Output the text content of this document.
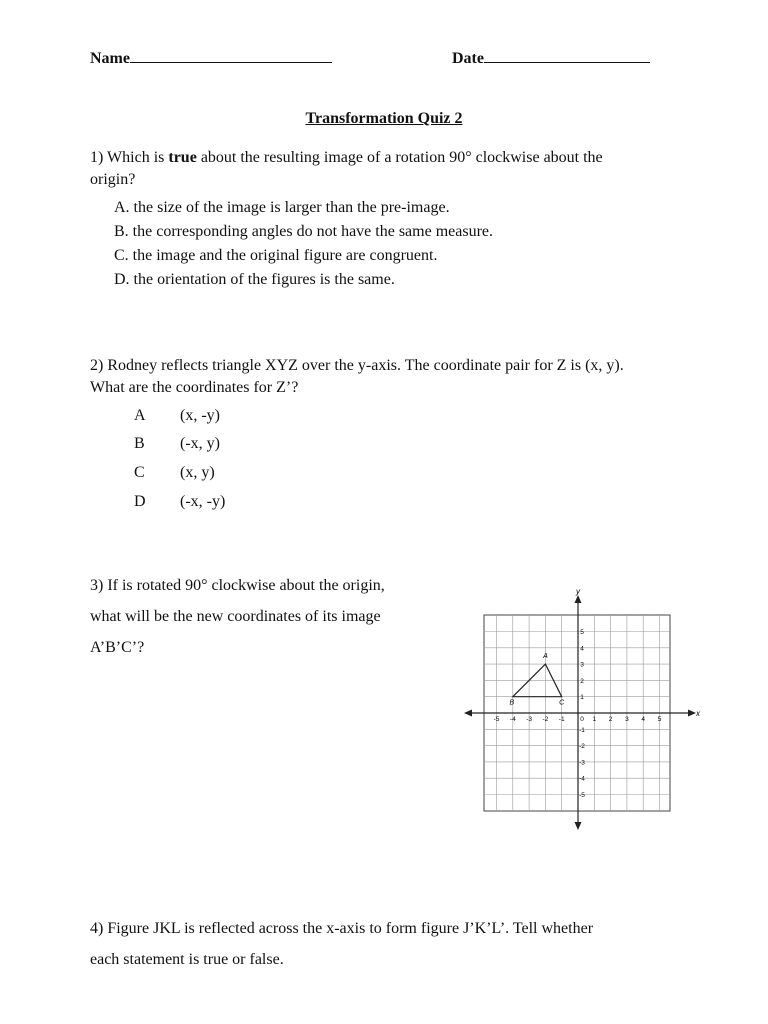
Name	Date
Transformation Quiz 2
1) Which is true about the resulting image of a rotation 90° clockwise about the
origin?
A. the size of the image is larger than the pre-image.
B. the corresponding angles do not have the same measure.
C. the image and the original figure are congruent.
D. the orientation of the figures is the same.
2) Rodney reflects triangle XYZ over the y-axis. The coordinate pair for Z is (x, y).
What are the coordinates for Z’?
A	(x, -y)
B	(-x, y)
C	(x, y)
D	(-x, -y)
3) If is rotated 90° clockwise about the origin,
what will be the new coordinates of its image
A’B’C’?
y
x
-5 -4 -3 -2 -1 0 1 2 3 4 5
1
2
3
4
5
-1
-2
-3
-4
-5
A
B	C
4) Figure JKL is reflected across the x-axis to form figure J’K’L’. Tell whether
each statement is true or false.
